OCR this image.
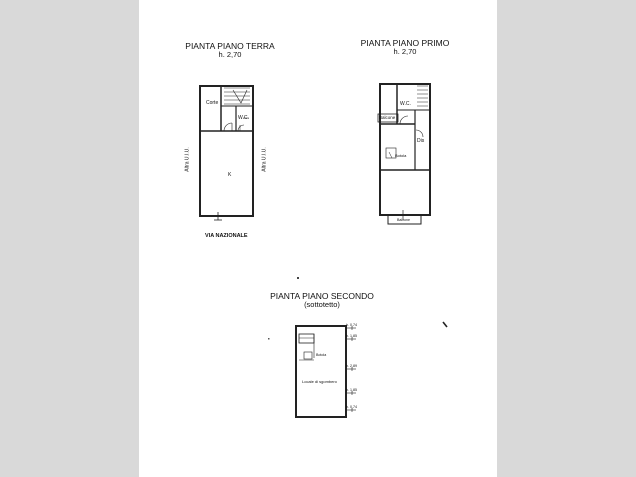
PIANTA PIANO TERRA
h. 2,70
Corte
W.C.
K
Altra U.I.U.	Altra U.I.U.
VIA NAZIONALE
PIANTA PIANO PRIMO
h. 2,70
Balcone
W.C.
Botola
Dis
Balcone
PIANTA PIANO SECONDO
(sottotetto)
Botola
Locale di sgombero
h. 0,74
h. 1,85
h. 2,89
h. 1,85
h. 0,74
